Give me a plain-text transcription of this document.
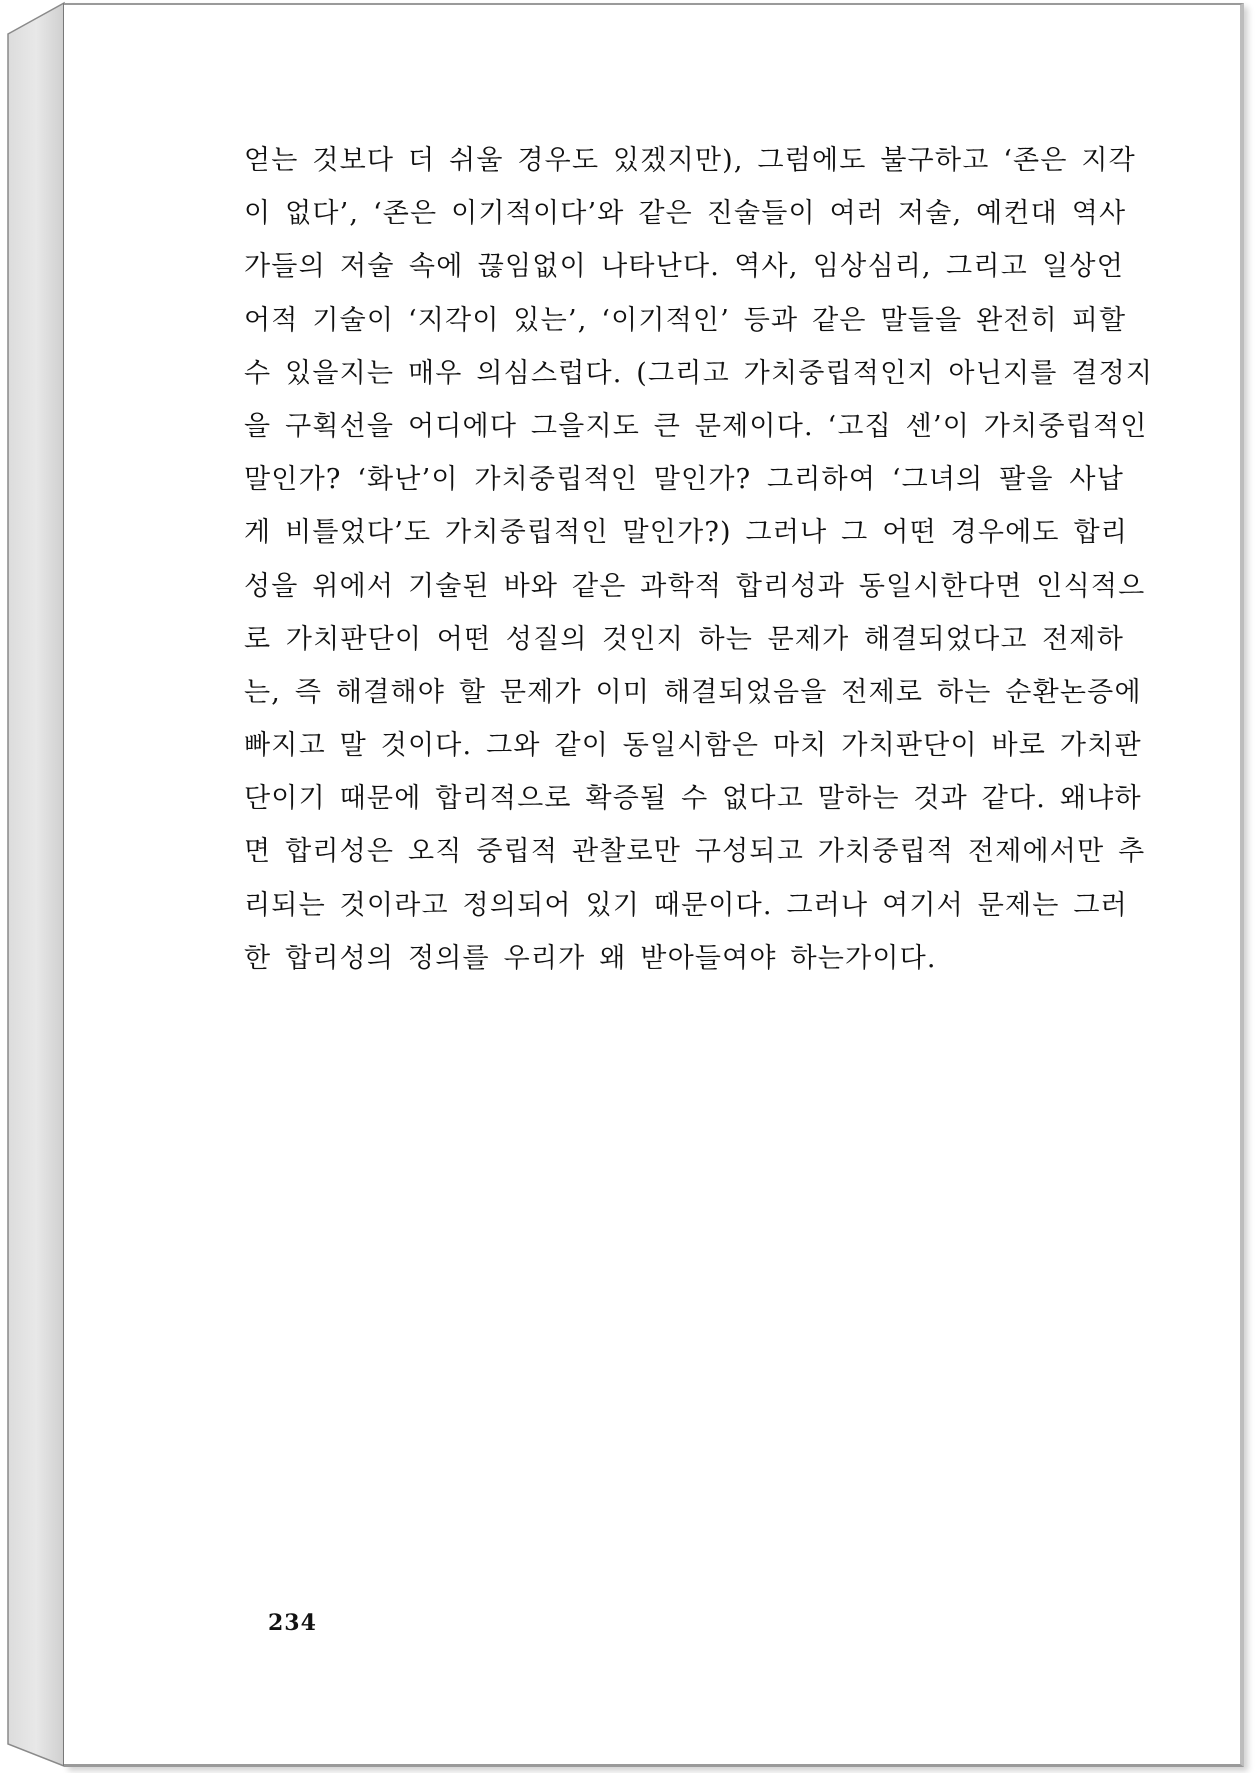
얻는 것보다 더 쉬울 경우도 있겠지만), 그럼에도 불구하고 ‘존은 지각
이 없다’, ‘존은 이기적이다’와 같은 진술들이 여러 저술, 예컨대 역사
가들의 저술 속에 끊임없이 나타난다. 역사, 임상심리, 그리고 일상언
어적 기술이 ‘지각이 있는’, ‘이기적인’ 등과 같은 말들을 완전히 피할
수 있을지는 매우 의심스럽다. (그리고 가치중립적인지 아닌지를 결정지
을 구획선을 어디에다 그을지도 큰 문제이다. ‘고집 센’이 가치중립적인
말인가? ‘화난’이 가치중립적인 말인가? 그리하여 ‘그녀의 팔을 사납
게 비틀었다’도 가치중립적인 말인가?) 그러나 그 어떤 경우에도 합리
성을 위에서 기술된 바와 같은 과학적 합리성과 동일시한다면 인식적으
로 가치판단이 어떤 성질의 것인지 하는 문제가 해결되었다고 전제하
는, 즉 해결해야 할 문제가 이미 해결되었음을 전제로 하는 순환논증에
빠지고 말 것이다. 그와 같이 동일시함은 마치 가치판단이 바로 가치판
단이기 때문에 합리적으로 확증될 수 없다고 말하는 것과 같다. 왜냐하
면 합리성은 오직 중립적 관찰로만 구성되고 가치중립적 전제에서만 추
리되는 것이라고 정의되어 있기 때문이다. 그러나 여기서 문제는 그러
한 합리성의 정의를 우리가 왜 받아들여야 하는가이다.
234
